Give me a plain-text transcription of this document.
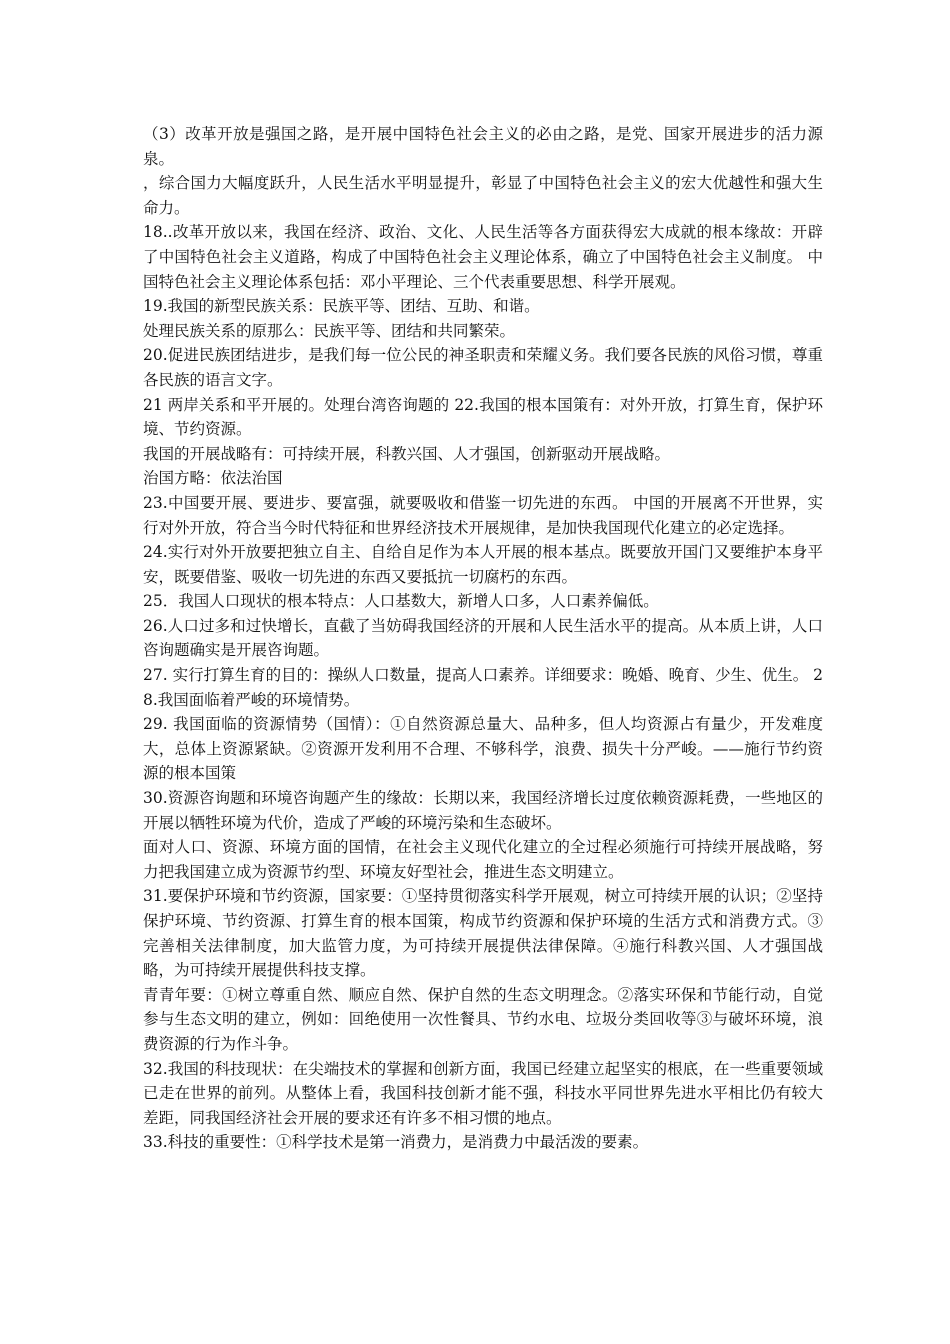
（3）改革开放是强国之路，是开展中国特色社会主义的必由之路，是党、国家开展进步的活力源泉。

，综合国力大幅度跃升，人民生活水平明显提升，彰显了中国特色社会主义的宏大优越性和强大生命力。

18..改革开放以来，我国在经济、政治、文化、人民生活等各方面获得宏大成就的根本缘故：开辟了中国特色社会主义道路，构成了中国特色社会主义理论体系，确立了中国特色社会主义制度。 中国特色社会主义理论体系包括：邓小平理论、三个代表重要思想、科学开展观。

19.我国的新型民族关系：民族平等、团结、互助、和谐。

处理民族关系的原那么：民族平等、团结和共同繁荣。

20.促进民族团结进步，是我们每一位公民的神圣职责和荣耀义务。我们要各民族的风俗习惯，尊重各民族的语言文字。

21 两岸关系和平开展的。处理台湾咨询题的 22.我国的根本国策有：对外开放，打算生育，保护环境、节约资源。

我国的开展战略有：可持续开展，科教兴国、人才强国，创新驱动开展战略。

治国方略：依法治国

23.中国要开展、要进步、要富强，就要吸收和借鉴一切先进的东西。 中国的开展离不开世界，实行对外开放，符合当今时代特征和世界经济技术开展规律，是加快我国现代化建立的必定选择。

24.实行对外开放要把独立自主、自给自足作为本人开展的根本基点。既要放开国门又要维护本身平安，既要借鉴、吸收一切先进的东西又要抵抗一切腐朽的东西。

25．我国人口现状的根本特点：人口基数大，新增人口多，人口素养偏低。

26.人口过多和过快增长，直截了当妨碍我国经济的开展和人民生活水平的提高。从本质上讲，人口咨询题确实是开展咨询题。

27. 实行打算生育的目的：操纵人口数量，提高人口素养。详细要求：晚婚、晚育、少生、优生。 28.我国面临着严峻的环境情势。

29. 我国面临的资源情势（国情）：①自然资源总量大、品种多，但人均资源占有量少，开发难度大，总体上资源紧缺。②资源开发利用不合理、不够科学，浪费、损失十分严峻。——施行节约资源的根本国策

30.资源咨询题和环境咨询题产生的缘故：长期以来，我国经济增长过度依赖资源耗费，一些地区的开展以牺牲环境为代价，造成了严峻的环境污染和生态破坏。

面对人口、资源、环境方面的国情，在社会主义现代化建立的全过程必须施行可持续开展战略，努力把我国建立成为资源节约型、环境友好型社会，推进生态文明建立。

31.要保护环境和节约资源，国家要：①坚持贯彻落实科学开展观，树立可持续开展的认识；②坚持保护环境、节约资源、打算生育的根本国策，构成节约资源和保护环境的生活方式和消费方式。③完善相关法律制度，加大监管力度，为可持续开展提供法律保障。④施行科教兴国、人才强国战略，为可持续开展提供科技支撑。

青青年要：①树立尊重自然、顺应自然、保护自然的生态文明理念。②落实环保和节能行动，自觉参与生态文明的建立，例如：回绝使用一次性餐具、节约水电、垃圾分类回收等③与破坏环境，浪费资源的行为作斗争。

32.我国的科技现状：在尖端技术的掌握和创新方面，我国已经建立起坚实的根底，在一些重要领域已走在世界的前列。从整体上看，我国科技创新才能不强，科技水平同世界先进水平相比仍有较大差距，同我国经济社会开展的要求还有许多不相习惯的地点。

33.科技的重要性：①科学技术是第一消费力，是消费力中最活泼的要素。
